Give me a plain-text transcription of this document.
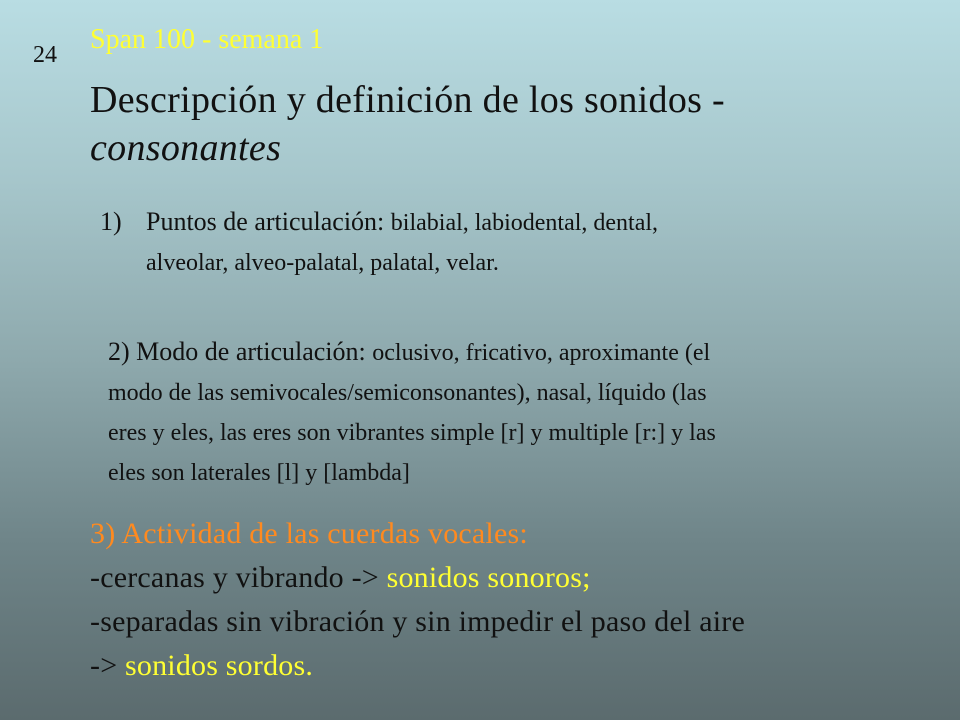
24 Span 100 - semana 1
Descripción y definición de los sonidos -
consonantes
1) Puntos de articulación: bilabial, labiodental, dental,
alveolar, alveo-palatal, palatal, velar.
2) Modo de articulación: oclusivo, fricativo, aproximante (el
modo de las semivocales/semiconsonantes), nasal, líquido (las
eres y eles, las eres son vibrantes simple [r] y multiple [r:] y las
eles son laterales [l] y [lambda]
3) Actividad de las cuerdas vocales:
-cercanas y vibrando -> sonidos sonoros;
-separadas sin vibración y sin impedir el paso del aire
-> sonidos sordos.
